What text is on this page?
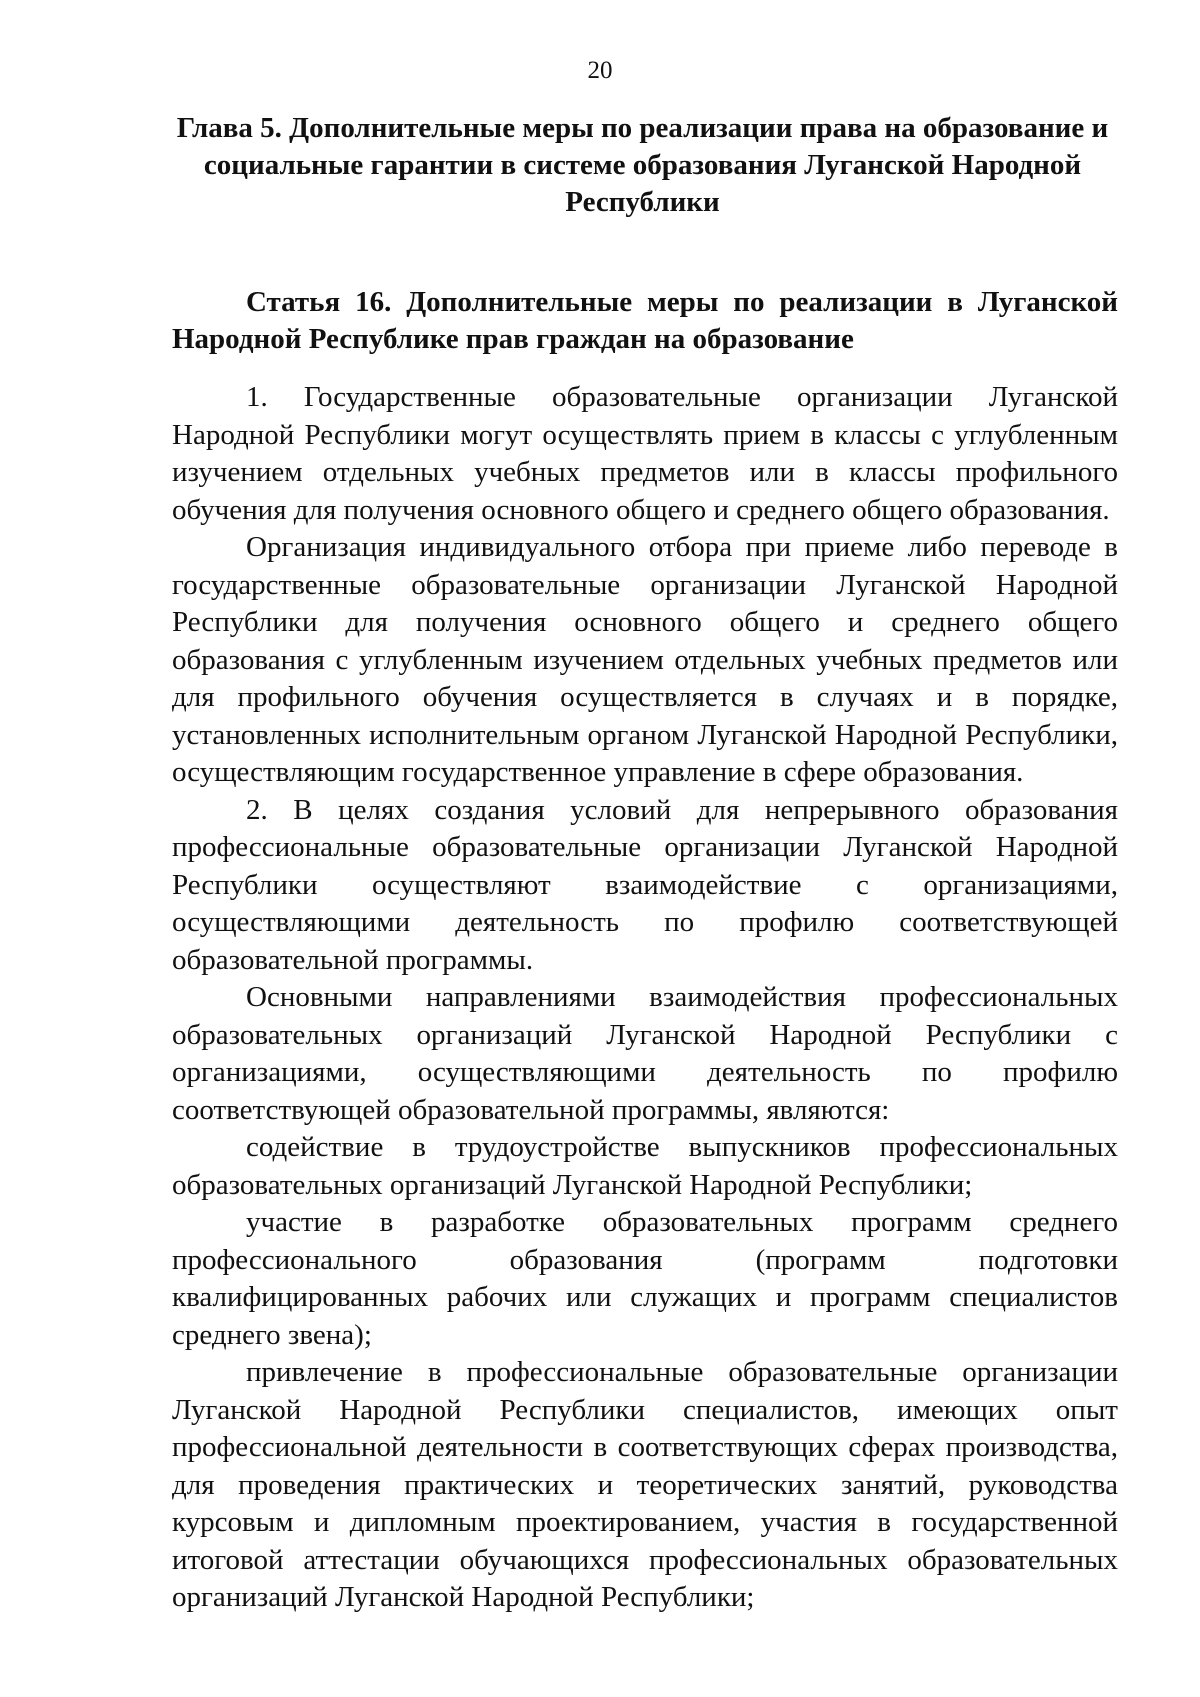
20
Глава 5. Дополнительные меры по реализации права на образование и социальные гарантии в системе образования Луганской Народной Республики
Статья 16. Дополнительные меры по реализации в Луганской Народной Республике прав граждан на образование

1. Государственные образовательные организации Луганской Народной Республики могут осуществлять прием в классы с углубленным изучением отдельных учебных предметов или в классы профильного обучения для получения основного общего и среднего общего образования.

Организация индивидуального отбора при приеме либо переводе в государственные образовательные организации Луганской Народной Республики для получения основного общего и среднего общего образования с углубленным изучением отдельных учебных предметов или для профильного обучения осуществляется в случаях и в порядке, установленных исполнительным органом Луганской Народной Республики, осуществляющим государственное управление в сфере образования.

2. В целях создания условий для непрерывного образования профессиональные образовательные организации Луганской Народной Республики осуществляют взаимодействие с организациями, осуществляющими деятельность по профилю соответствующей образовательной программы.

Основными направлениями взаимодействия профессиональных образовательных организаций Луганской Народной Республики с организациями, осуществляющими деятельность по профилю соответствующей образовательной программы, являются:

содействие в трудоустройстве выпускников профессиональных образовательных организаций Луганской Народной Республики;

участие в разработке образовательных программ среднего профессионального образования (программ подготовки квалифицированных рабочих или служащих и программ специалистов среднего звена);

привлечение в профессиональные образовательные организации Луганской Народной Республики специалистов, имеющих опыт профессиональной деятельности в соответствующих сферах производства, для проведения практических и теоретических занятий, руководства курсовым и дипломным проектированием, участия в государственной итоговой аттестации обучающихся профессиональных образовательных организаций Луганской Народной Республики;
